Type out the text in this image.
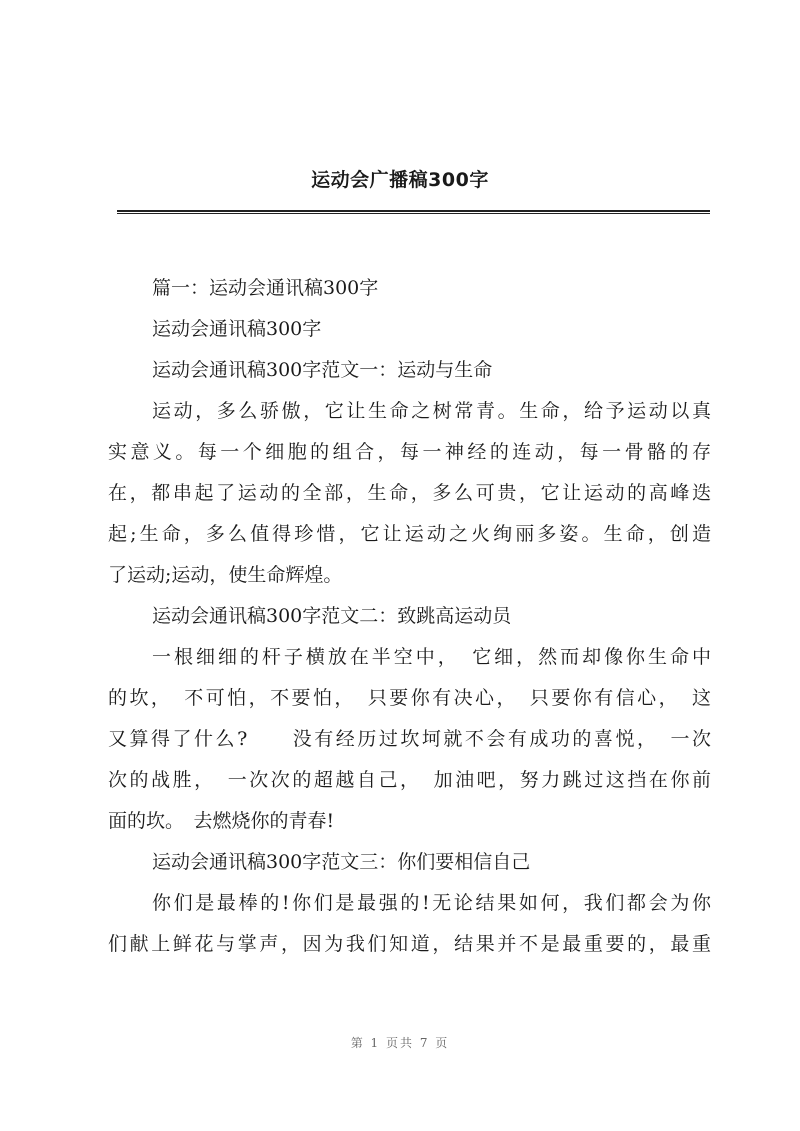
运动会广播稿300字
篇一：运动会通讯稿300字
运动会通讯稿300字
运动会通讯稿300字范文一：运动与生命
运动，多么骄傲，它让生命之树常青。生命，给予运动以真
实意义。每一个细胞的组合，每一神经的连动，每一骨骼的存
在，都串起了运动的全部，生命，多么可贵，它让运动的高峰迭
起;生命，多么值得珍惜，它让运动之火绚丽多姿。生命，创造
了运动;运动，使生命辉煌。
运动会通讯稿300字范文二：致跳高运动员
一根细细的杆子横放在半空中，　它细，然而却像你生命中
的坎，　不可怕，不要怕，　只要你有决心，　只要你有信心，　这
又算得了什么?　　没有经历过坎坷就不会有成功的喜悦，　一次
次的战胜，　一次次的超越自己，　加油吧，努力跳过这挡在你前
面的坎。　去燃烧你的青春!
运动会通讯稿300字范文三：你们要相信自己
你们是最棒的!你们是最强的!无论结果如何，我们都会为你
们献上鲜花与掌声，因为我们知道，结果并不是最重要的，最重
第 1 页共 7 页
